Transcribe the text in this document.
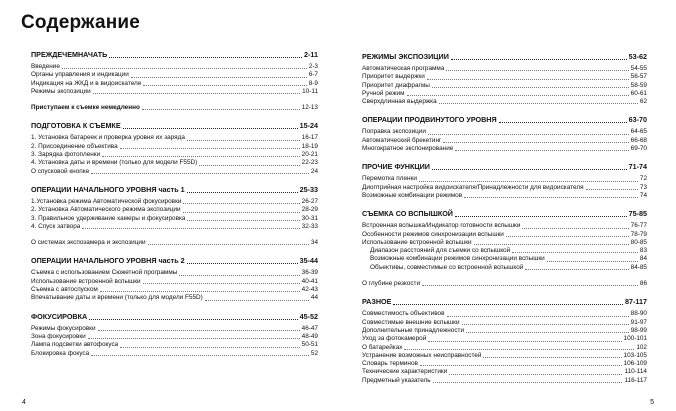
Содержание
ПРЕЖДЕЧЕМНАЧАТЬ	2-11
Введение	2-3
Органы управления и индикации	6-7
Индикация на ЖКД и в видоискателе	8-9
Режимы экспозиции	10-11
Приступаем к съемке немедленно	12-13
ПОДГОТОВКА К СЪЕМКЕ	15-24
1. Установка батареек и проверка уровня их заряда	16-17
2. Присоединение объектива	18-19
3. Зарядка фотопленки	20-21
4. Установка даты и времени (только для модели F55D)	22-23
О спусковой кнопке	24
ОПЕРАЦИИ НАЧАЛЬНОГО УРОВНЯ часть 1	25-33
1.Установка режима Автоматической фокусировки	26-27
2. Установка Автоматического режима экспозиции	28-29
3. Правильное удерживание камеры и фокусировка	30-31
4. Спуск затвора	32-33
О системах экспозамера и экспозиции	34
ОПЕРАЦИИ НАЧАЛЬНОГО УРОВНЯ часть 2	35-44
Съемка с использованием Сюжетной программы	36-39
Использование встроенной вспышки	40-41
Съемка с автоспуском	42-43
Впечатывание даты и времени (только для модели F55D)	44
ФОКУСИРОВКА	45-52
Режимы фокусировки	46-47
Зона фокусировки	48-49
Лампа подсветки автофокуса	50-51
Блокировка фокуса	52
РЕЖИМЫ ЭКСПОЗИЦИИ	53-62
Автоматическая программа	54-55
Приоритет выдержки	56-57
Приоритет диафрагмы	58-59
Ручной режим	60-61
Сверхдлинная выдержка	62
ОПЕРАЦИИ ПРОДВИНУТОГО УРОВНЯ	63-70
Поправка экспозиции	64-65
Автоматический брекетинг	66-68
Многократное экспонирование	69-70
ПРОЧИЕ ФУНКЦИИ	71-74
Перемотка пленки	72
Диоптрийная настройка видоискателя/Принадлежности для видоискателя	73
Возможные комбинации режимов	74
СЪЕМКА СО ВСПЫШКОЙ	75-85
Встроенная вспышка/Индикатор готовности вспышки	76-77
Особенности режимов синхронизации вспышки	78-79
Использование встроенной вспышки	80-85
Диапазон расстояний для съемки со вспышкой	83
Возможные комбинации режимов синхронизации вспышки	84
Объективы, совместимые со встроенной вспышкой	84-85
О глубине резкости	86
РАЗНОЕ	87-117
Совместимость объективов	88-90
Совместимые внешние вспышки	91-97
Дополнительные принадлежности	98-99
Уход за фотокамерой	100-101
О батарейках	102
Устранение возможных неисправностей	103-105
Словарь терминов	106-109
Технические характеристики	110-114
Предметный указатель	116-117
4	5
